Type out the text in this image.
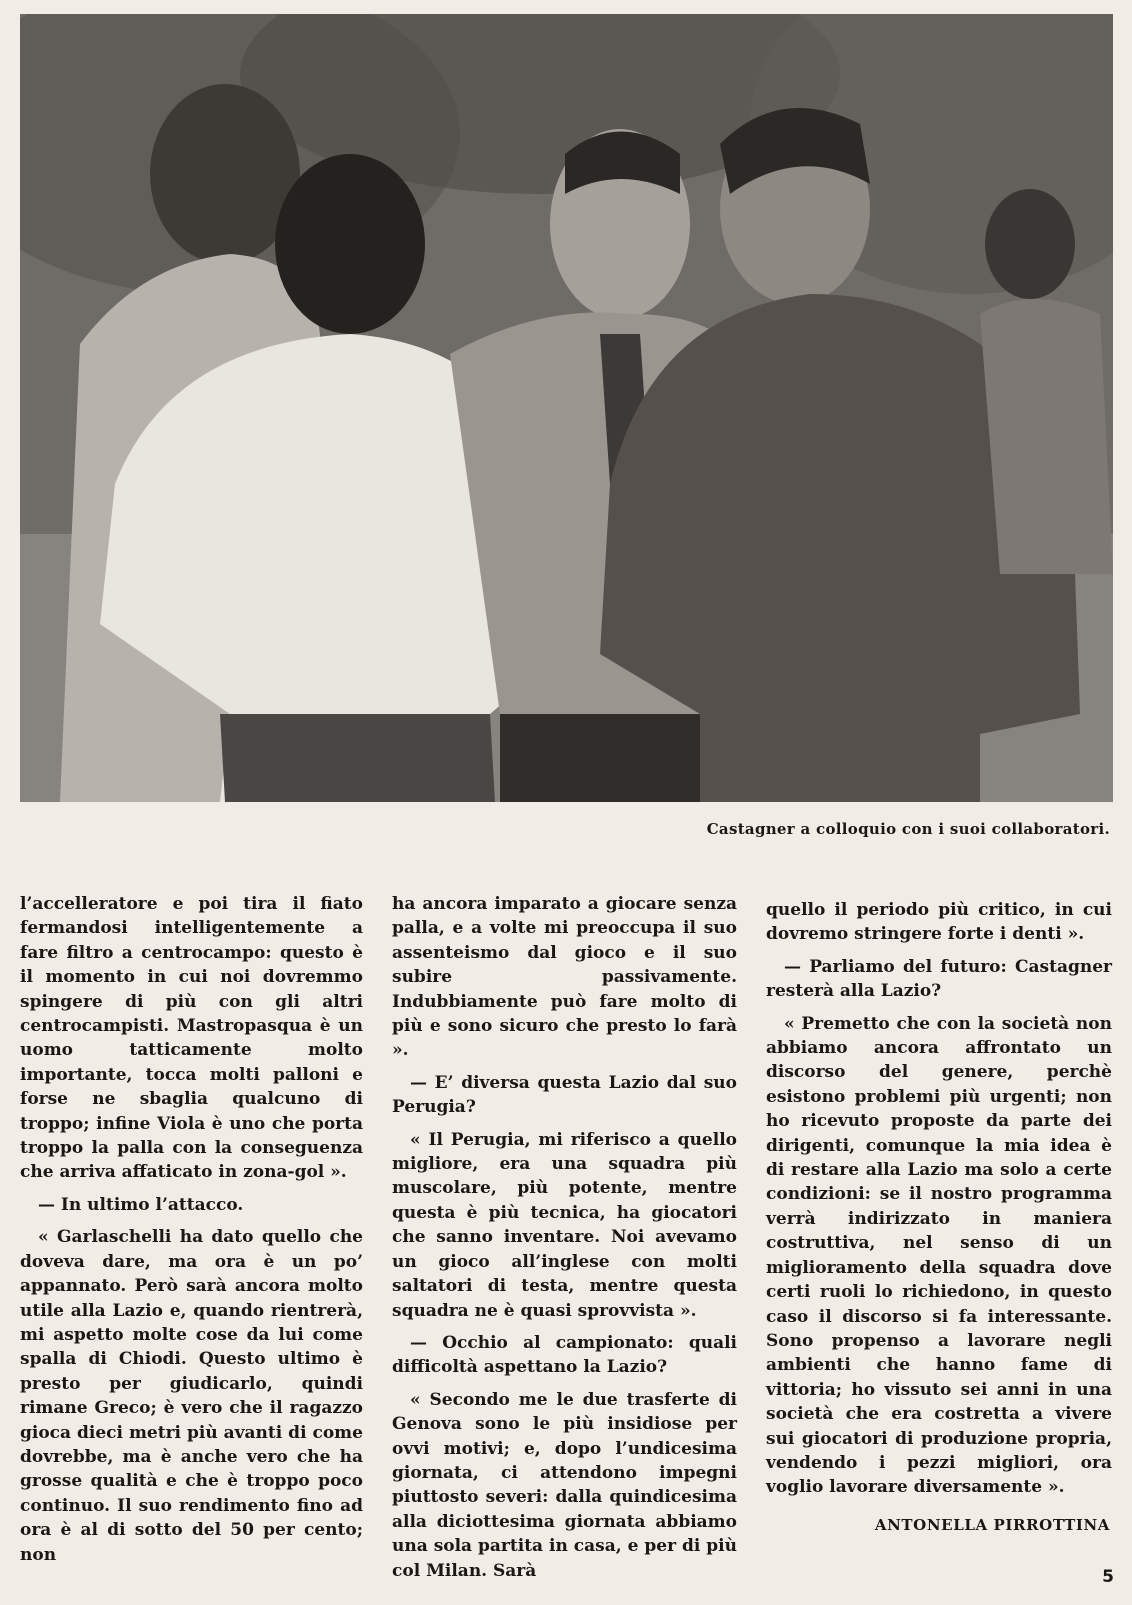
Castagner a colloquio con i suoi collaboratori.

l’accelleratore e poi tira il fiato fermandosi intelligentemente a fare filtro a centrocampo: questo è il momento in cui noi dovremmo spingere di più con gli altri centrocampisti. Mastropasqua è un uomo tatticamente molto importante, tocca molti palloni e forse ne sbaglia qualcuno di troppo; infine Viola è uno che porta troppo la palla con la conseguenza che arriva affaticato in zona-gol ».

— In ultimo l’attacco.

« Garlaschelli ha dato quello che doveva dare, ma ora è un po’ appannato. Però sarà ancora molto utile alla Lazio e, quando rientrerà, mi aspetto molte cose da lui come spalla di Chiodi. Questo ultimo è presto per giudicarlo, quindi rimane Greco; è vero che il ragazzo gioca dieci metri più avanti di come dovrebbe, ma è anche vero che ha grosse qualità e che è troppo poco continuo. Il suo rendimento fino ad ora è al di sotto del 50 per cento; non

ha ancora imparato a giocare senza palla, e a volte mi preoccupa il suo assenteismo dal gioco e il suo subire passivamente. Indubbiamente può fare molto di più e sono sicuro che presto lo farà ».

— E’ diversa questa Lazio dal suo Perugia?

« Il Perugia, mi riferisco a quello migliore, era una squadra più muscolare, più potente, mentre questa è più tecnica, ha giocatori che sanno inventare. Noi avevamo un gioco all’inglese con molti saltatori di testa, mentre questa squadra ne è quasi sprovvista ».

— Occhio al campionato: quali difficoltà aspettano la Lazio?

« Secondo me le due trasferte di Genova sono le più insidiose per ovvi motivi; e, dopo l’undicesima giornata, ci attendono impegni piuttosto severi: dalla quindicesima alla diciottesima giornata abbiamo una sola partita in casa, e per di più col Milan. Sarà

quello il periodo più critico, in cui dovremo stringere forte i denti ».

— Parliamo del futuro: Castagner resterà alla Lazio?

« Premetto che con la società non abbiamo ancora affrontato un discorso del genere, perchè esistono problemi più urgenti; non ho ricevuto proposte da parte dei dirigenti, comunque la mia idea è di restare alla Lazio ma solo a certe condizioni: se il nostro programma verrà indirizzato in maniera costruttiva, nel senso di un miglioramento della squadra dove certi ruoli lo richiedono, in questo caso il discorso si fa interessante. Sono propenso a lavorare negli ambienti che hanno fame di vittoria; ho vissuto sei anni in una società che era costretta a vivere sui giocatori di produzione propria, vendendo i pezzi migliori, ora voglio lavorare diversamente ».

ANTONELLA PIRROTTINA
5
